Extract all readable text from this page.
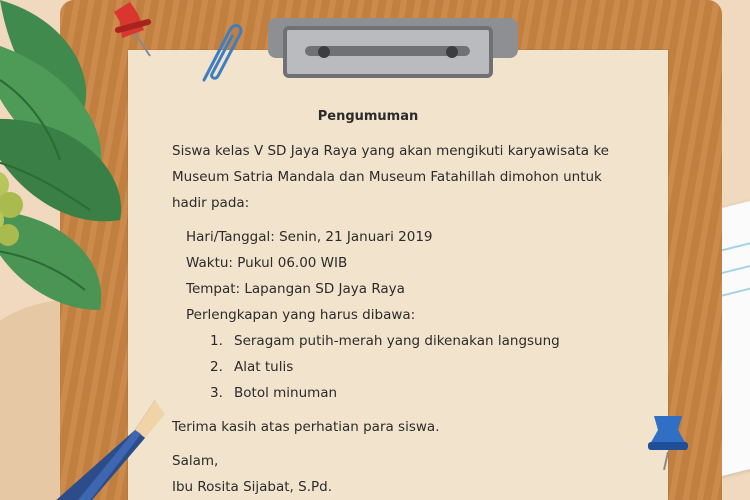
Pengumuman
Siswa kelas V SD Jaya Raya yang akan mengikuti karyawisata ke
Museum Satria Mandala dan Museum Fatahillah dimohon untuk
hadir pada:
Hari/Tanggal: Senin, 21 Januari 2019
Waktu: Pukul 06.00 WIB
Tempat: Lapangan SD Jaya Raya
Perlengkapan yang harus dibawa:
1. Seragam putih-merah yang dikenakan langsung
2. Alat tulis
3. Botol minuman
Terima kasih atas perhatian para siswa.
Salam,
Ibu Rosita Sijabat, S.Pd.
